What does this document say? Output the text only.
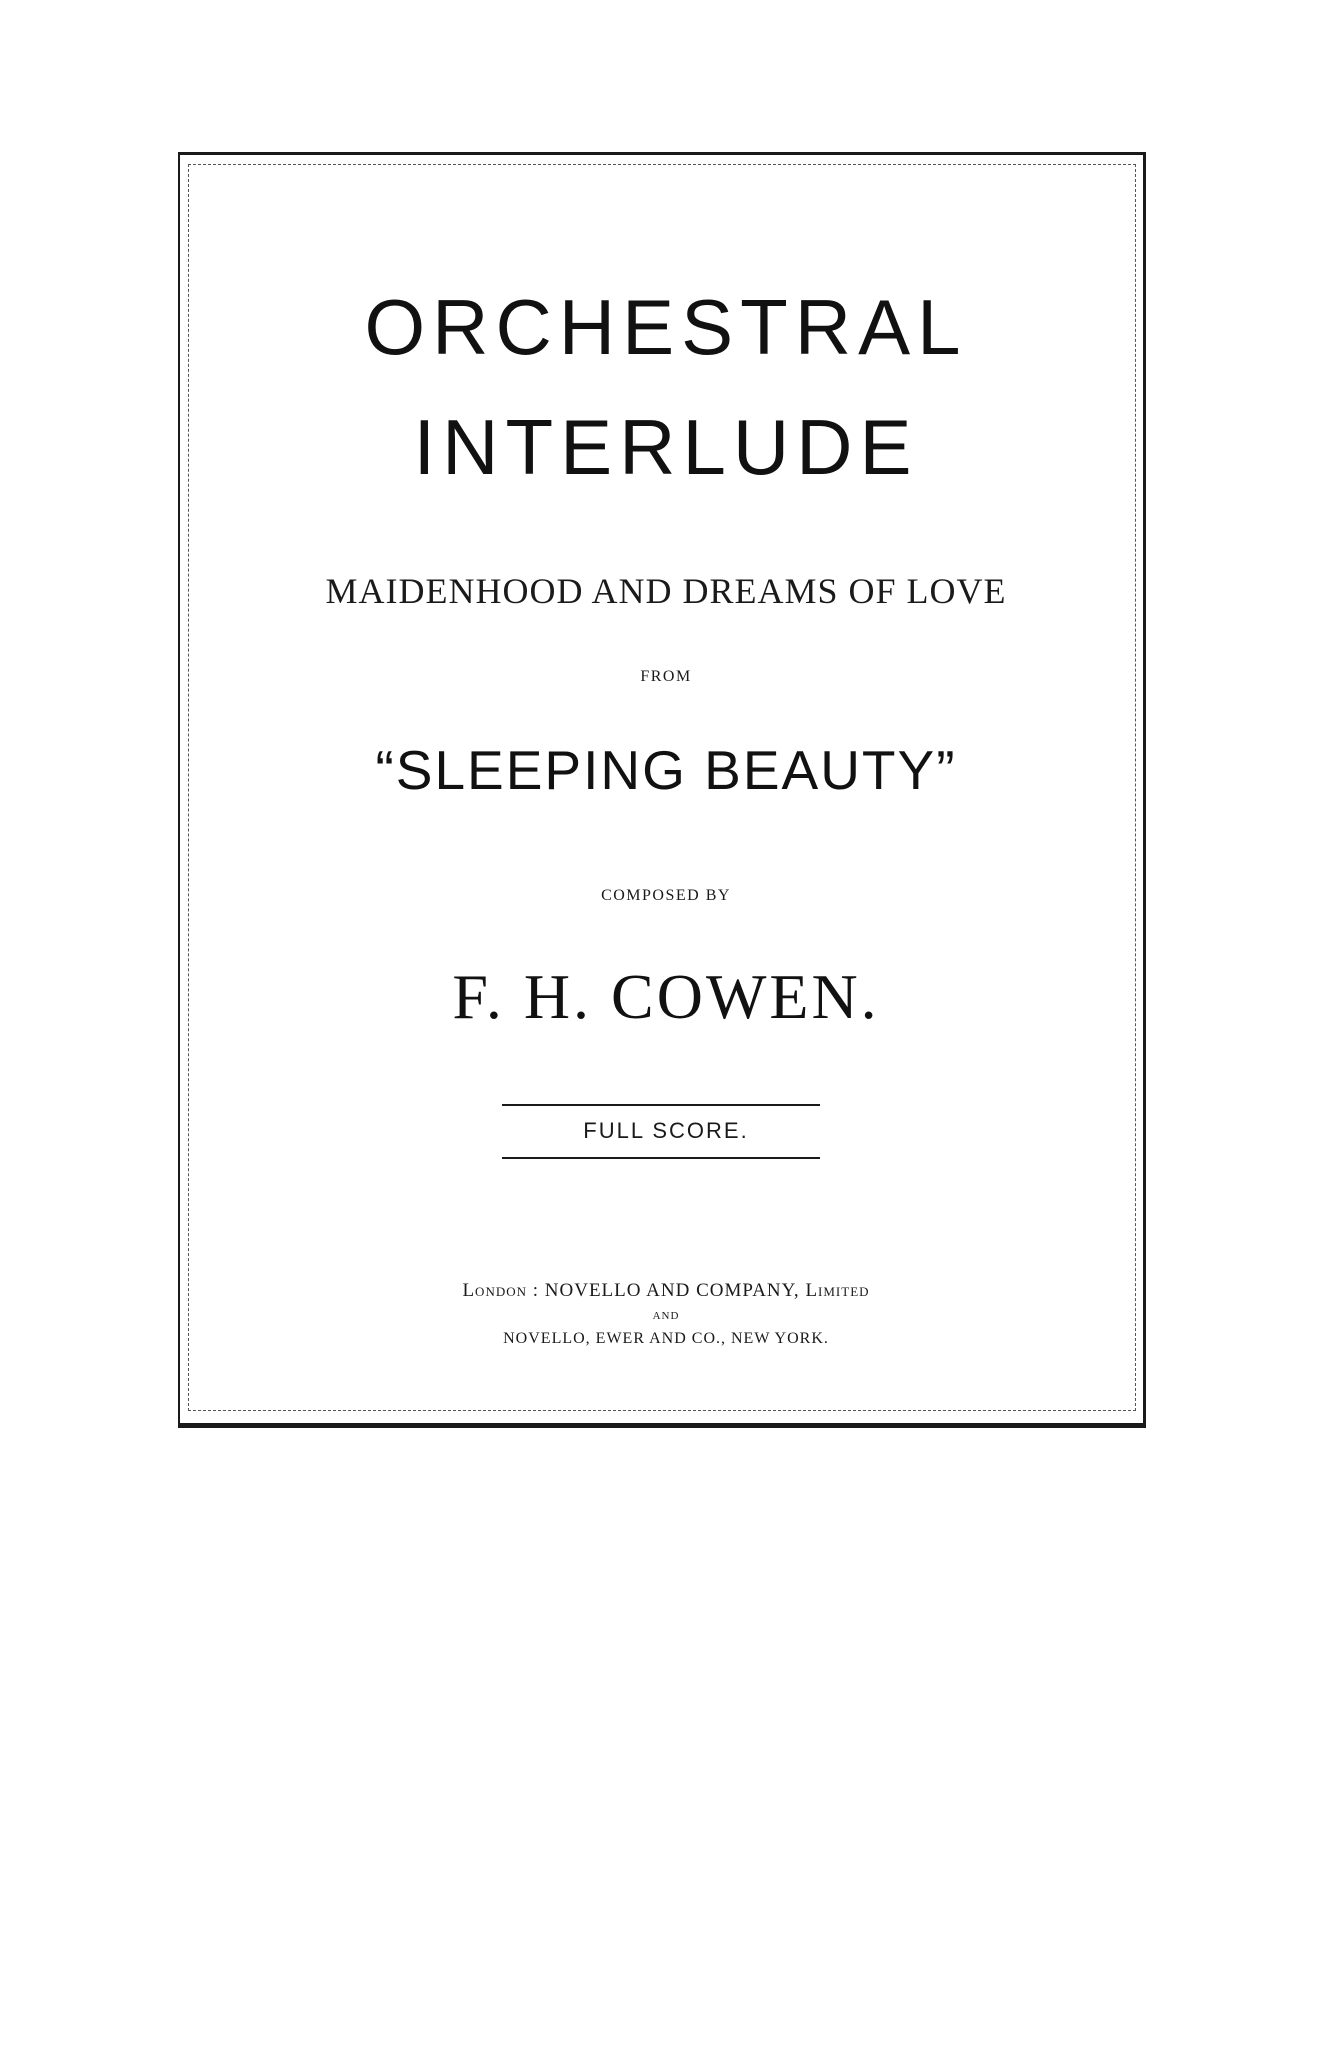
ORCHESTRAL

INTERLUDE

MAIDENHOOD AND DREAMS OF LOVE

FROM

“SLEEPING BEAUTY”

COMPOSED BY

F. H. COWEN.

FULL SCORE.

London : NOVELLO AND COMPANY, Limited

AND

NOVELLO, EWER AND CO., NEW YORK.
